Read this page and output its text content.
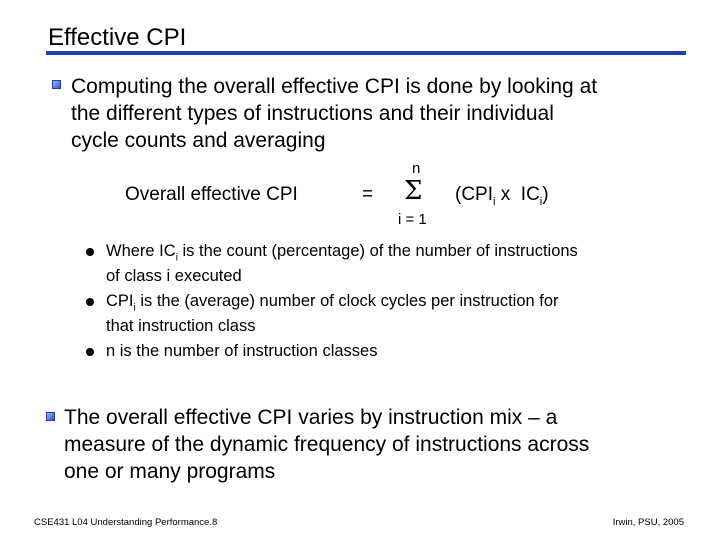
Effective CPI
Computing the overall effective CPI is done by looking at
the different types of instructions and their individual
cycle counts and averaging
Overall effective CPI	=
n
Σ
i = 1
($CPI_i$ x  $IC_i$)
Where $IC_i$ is the count (percentage) of the number of instructions
of class i executed
$CPI_i$ is the (average) number of clock cycles per instruction for
that instruction class
n is the number of instruction classes
The overall effective CPI varies by instruction mix – a
measure of the dynamic frequency of instructions across
one or many programs
CSE431 L04 Understanding Performance.8	Irwin, PSU, 2005
